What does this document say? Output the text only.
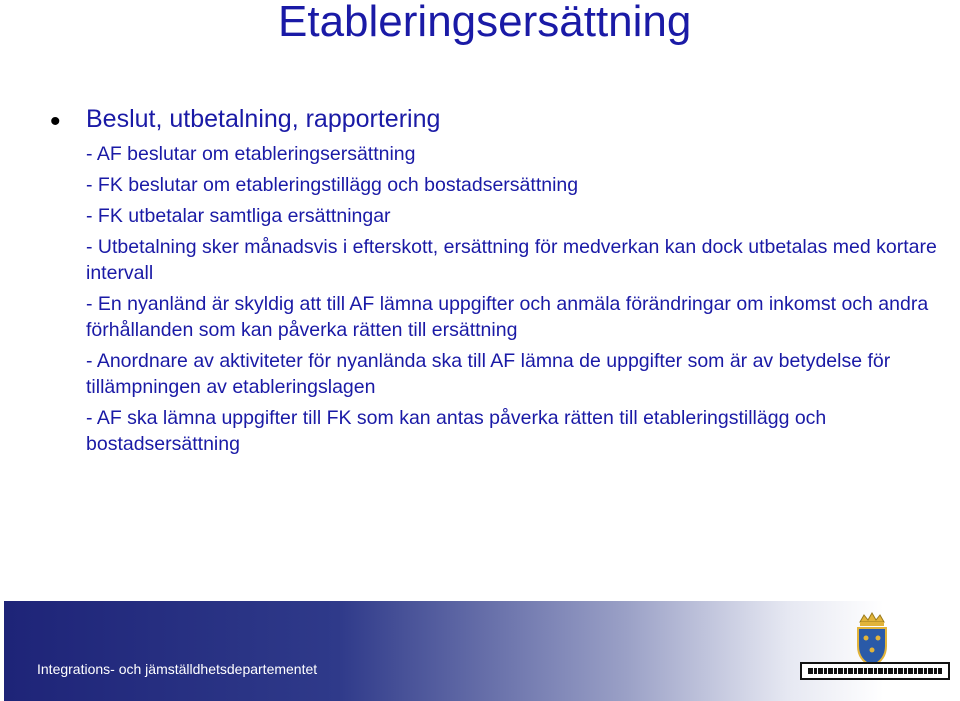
Etableringsersättning
• Beslut, utbetalning, rapportering

- AF beslutar om etableringsersättning
- FK beslutar om etableringstillägg och bostadsersättning
- FK utbetalar samtliga ersättningar
- Utbetalning sker månadsvis i efterskott, ersättning för medverkan kan dock utbetalas med kortare intervall
- En nyanländ är skyldig att till AF lämna uppgifter och anmäla förändringar om inkomst och andra förhållanden som kan påverka rätten till ersättning
- Anordnare av aktiviteter för nyanlända ska till AF lämna de uppgifter som är av betydelse för tillämpningen av etableringslagen
- AF ska lämna uppgifter till FK som kan antas påverka rätten till etableringstillägg och bostadsersättning

Integrations- och jämställdhetsdepartementet
